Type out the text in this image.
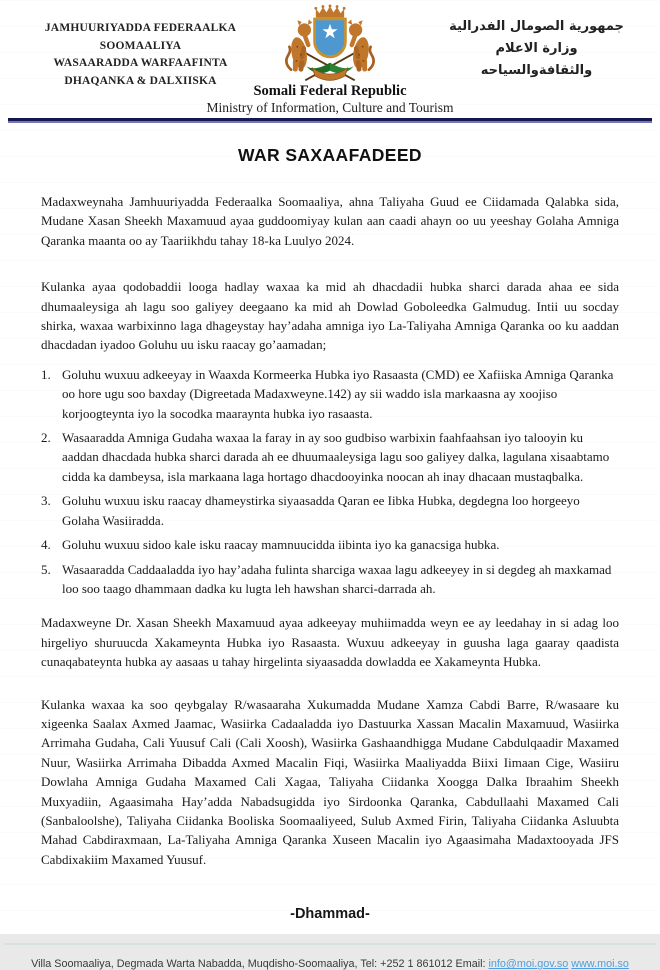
JAMHUURIYADDA FEDERAALKA
SOOMAALIYA
WASAARADDA WARFAAFINTA
DHAQANKA & DALXIISKA
جمهورية الصومال الفدرالية
وزارة الاعلام
والثقافةوالسياحه
Somali Federal Republic
Ministry of Information, Culture and Tourism
WAR SAXAAFADEED

Madaxweynaha Jamhuuriyadda Federaalka Soomaaliya, ahna Taliyaha Guud ee Ciidamada Qalabka sida, Mudane Xasan Sheekh Maxamuud ayaa guddoomiyay kulan aan caadi ahayn oo uu yeeshay Golaha Amniga Qaranka maanta oo ay Taariikhdu tahay 18-ka Luulyo 2024.

Kulanka ayaa qodobaddii looga hadlay waxaa ka mid ah dhacdadii hubka sharci darada ahaa ee sida dhumaaleysiga ah lagu soo galiyey deegaano ka mid ah Dowlad Goboleedka Galmudug. Intii uu socday shirka, waxaa warbixinno laga dhageystay hay’adaha amniga iyo La-Taliyaha Amniga Qaranka oo ku aaddan dhacdadan iyadoo Goluhu uu isku raacay go’aamadan;

1. Goluhu wuxuu adkeeyay in Waaxda Kormeerka Hubka iyo Rasaasta (CMD) ee Xafiiska Amniga Qaranka oo hore ugu soo baxday (Digreetada Madaxweyne.142) ay sii waddo isla markaasna ay xoojiso korjoogteynta iyo la socodka maaraynta hubka iyo rasaasta.
2. Wasaaradda Amniga Gudaha waxaa la faray in ay soo gudbiso warbixin faahfaahsan iyo talooyin ku aaddan dhacdada hubka sharci darada ah ee dhuumaaleysiga lagu soo galiyey dalka, lagulana xisaabtamo cidda ka dambeysa, isla markaana laga hortago dhacdooyinka noocan ah inay dhacaan mustaqbalka.
3. Goluhu wuxuu isku raacay dhameystirka siyaasadda Qaran ee Iibka Hubka, degdegna loo horgeeyo Golaha Wasiiradda.
4. Goluhu wuxuu sidoo kale isku raacay mamnuucidda iibinta iyo ka ganacsiga hubka.
5. Wasaaradda Caddaaladda iyo hay’adaha fulinta sharciga waxaa lagu adkeeyey in si degdeg ah maxkamad loo soo taago dhammaan dadka ku lugta leh hawshan sharci-darrada ah.

Madaxweyne Dr. Xasan Sheekh Maxamuud ayaa adkeeyay muhiimadda weyn ee ay leedahay in si adag loo hirgeliyo shuruucda Xakameynta Hubka iyo Rasaasta. Wuxuu adkeeyay in guusha laga gaaray qaadista cunaqabateynta hubka ay aasaas u tahay hirgelinta siyaasadda dowladda ee Xakameynta Hubka.

Kulanka waxaa ka soo qeybgalay R/wasaaraha Xukumadda Mudane Xamza Cabdi Barre, R/wasaare ku xigeenka Saalax Axmed Jaamac, Wasiirka Cadaaladda iyo Dastuurka Xassan Macalin Maxamuud, Wasiirka Arrimaha Gudaha, Cali Yuusuf Cali (Cali Xoosh), Wasiirka Gashaandhigga Mudane Cabdulqaadir Maxamed Nuur, Wasiirka Arrimaha Dibadda Axmed Macalin Fiqi, Wasiirka Maaliyadda Biixi Iimaan Cige, Wasiiru Dowlaha Amniga Gudaha Maxamed Cali Xagaa, Taliyaha Ciidanka Xoogga Dalka Ibraahim Sheekh Muxyadiin, Agaasimaha Hay’adda Nabadsugidda iyo Sirdoonka Qaranka, Cabdullaahi Maxamed Cali (Sanbaloolshe), Taliyaha Ciidanka Booliska Soomaaliyeed, Sulub Axmed Firin, Taliyaha Ciidanka Asluubta Mahad Cabdiraxmaan, La-Taliyaha Amniga Qaranka Xuseen Macalin iyo Agaasimaha Madaxtooyada JFS Cabdixakiim Maxamed Yuusuf.

-Dhammad-
Villa Soomaaliya, Degmada Warta Nabadda, Muqdisho-Soomaaliya, Tel: +252 1 861012 Email: info@moi.gov.so www.moi.so
